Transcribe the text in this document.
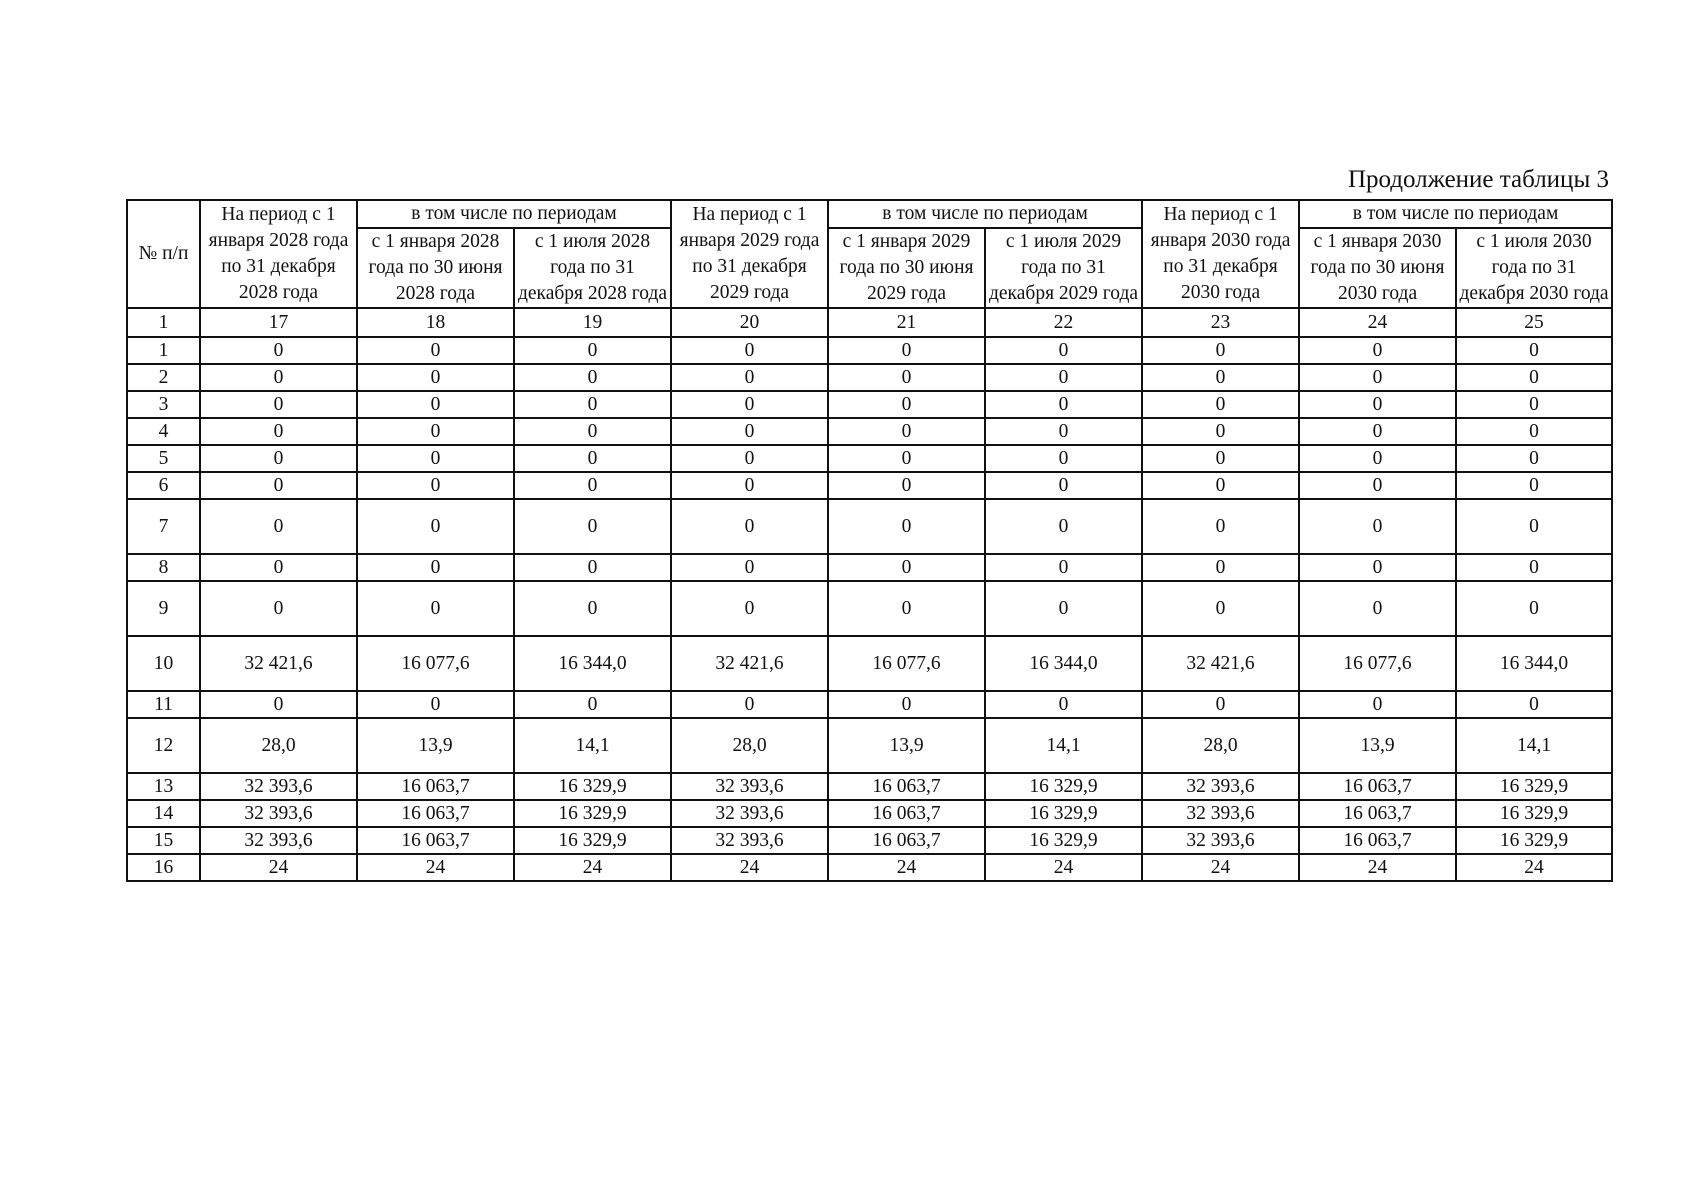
Продолжение таблицы 3
№ п/п	На период с 1 января 2028 года по 31 декабря 2028 года	в том числе по периодам		На период с 1 января 2029 года по 31 декабря 2029 года	в том числе по периодам		На период с 1 января 2030 года по 31 декабря 2030 года	в том числе по периодам	
		с 1 января 2028 года по 30 июня 2028 года	с 1 июля 2028 года по 31 декабря 2028 года		с 1 января 2029 года по 30 июня 2029 года	с 1 июля 2029 года по 31 декабря 2029 года		с 1 января 2030 года по 30 июня 2030 года	с 1 июля 2030 года по 31 декабря 2030 года
1	17	18	19	20	21	22	23	24	25
1	0	0	0	0	0	0	0	0	0
2	0	0	0	0	0	0	0	0	0
3	0	0	0	0	0	0	0	0	0
4	0	0	0	0	0	0	0	0	0
5	0	0	0	0	0	0	0	0	0
6	0	0	0	0	0	0	0	0	0
7	0	0	0	0	0	0	0	0	0
8	0	0	0	0	0	0	0	0	0
9	0	0	0	0	0	0	0	0	0
10	32 421,6	16 077,6	16 344,0	32 421,6	16 077,6	16 344,0	32 421,6	16 077,6	16 344,0
11	0	0	0	0	0	0	0	0	0
12	28,0	13,9	14,1	28,0	13,9	14,1	28,0	13,9	14,1
13	32 393,6	16 063,7	16 329,9	32 393,6	16 063,7	16 329,9	32 393,6	16 063,7	16 329,9
14	32 393,6	16 063,7	16 329,9	32 393,6	16 063,7	16 329,9	32 393,6	16 063,7	16 329,9
15	32 393,6	16 063,7	16 329,9	32 393,6	16 063,7	16 329,9	32 393,6	16 063,7	16 329,9
16	24	24	24	24	24	24	24	24	24
